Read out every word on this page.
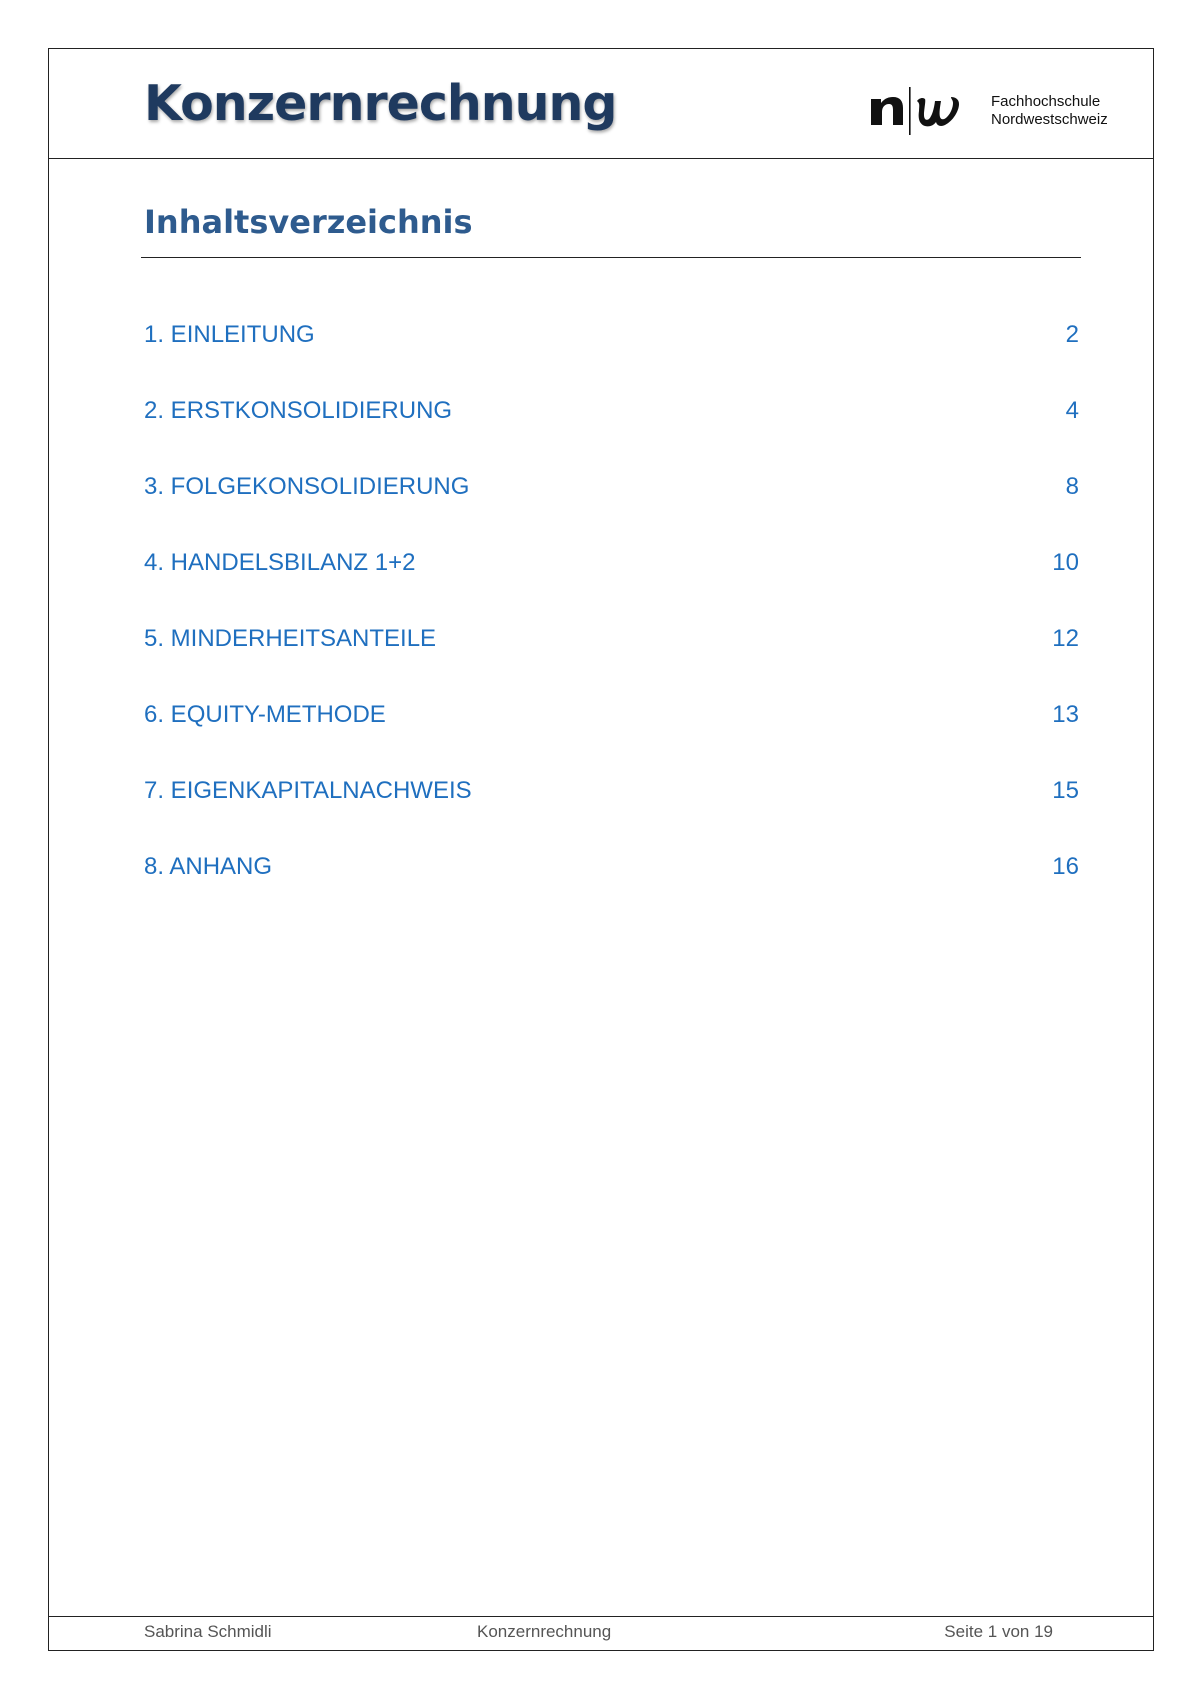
Konzernrechnung	Fachhochschule
Nordwestschweiz
Inhaltsverzeichnis
1. EINLEITUNG	2
2. ERSTKONSOLIDIERUNG	4
3. FOLGEKONSOLIDIERUNG	8
4. HANDELSBILANZ 1+2	10
5. MINDERHEITSANTEILE	12
6. EQUITY-METHODE	13
7. EIGENKAPITALNACHWEIS	15
8. ANHANG	16
Sabrina Schmidli	Konzernrechnung	Seite 1 von 19
